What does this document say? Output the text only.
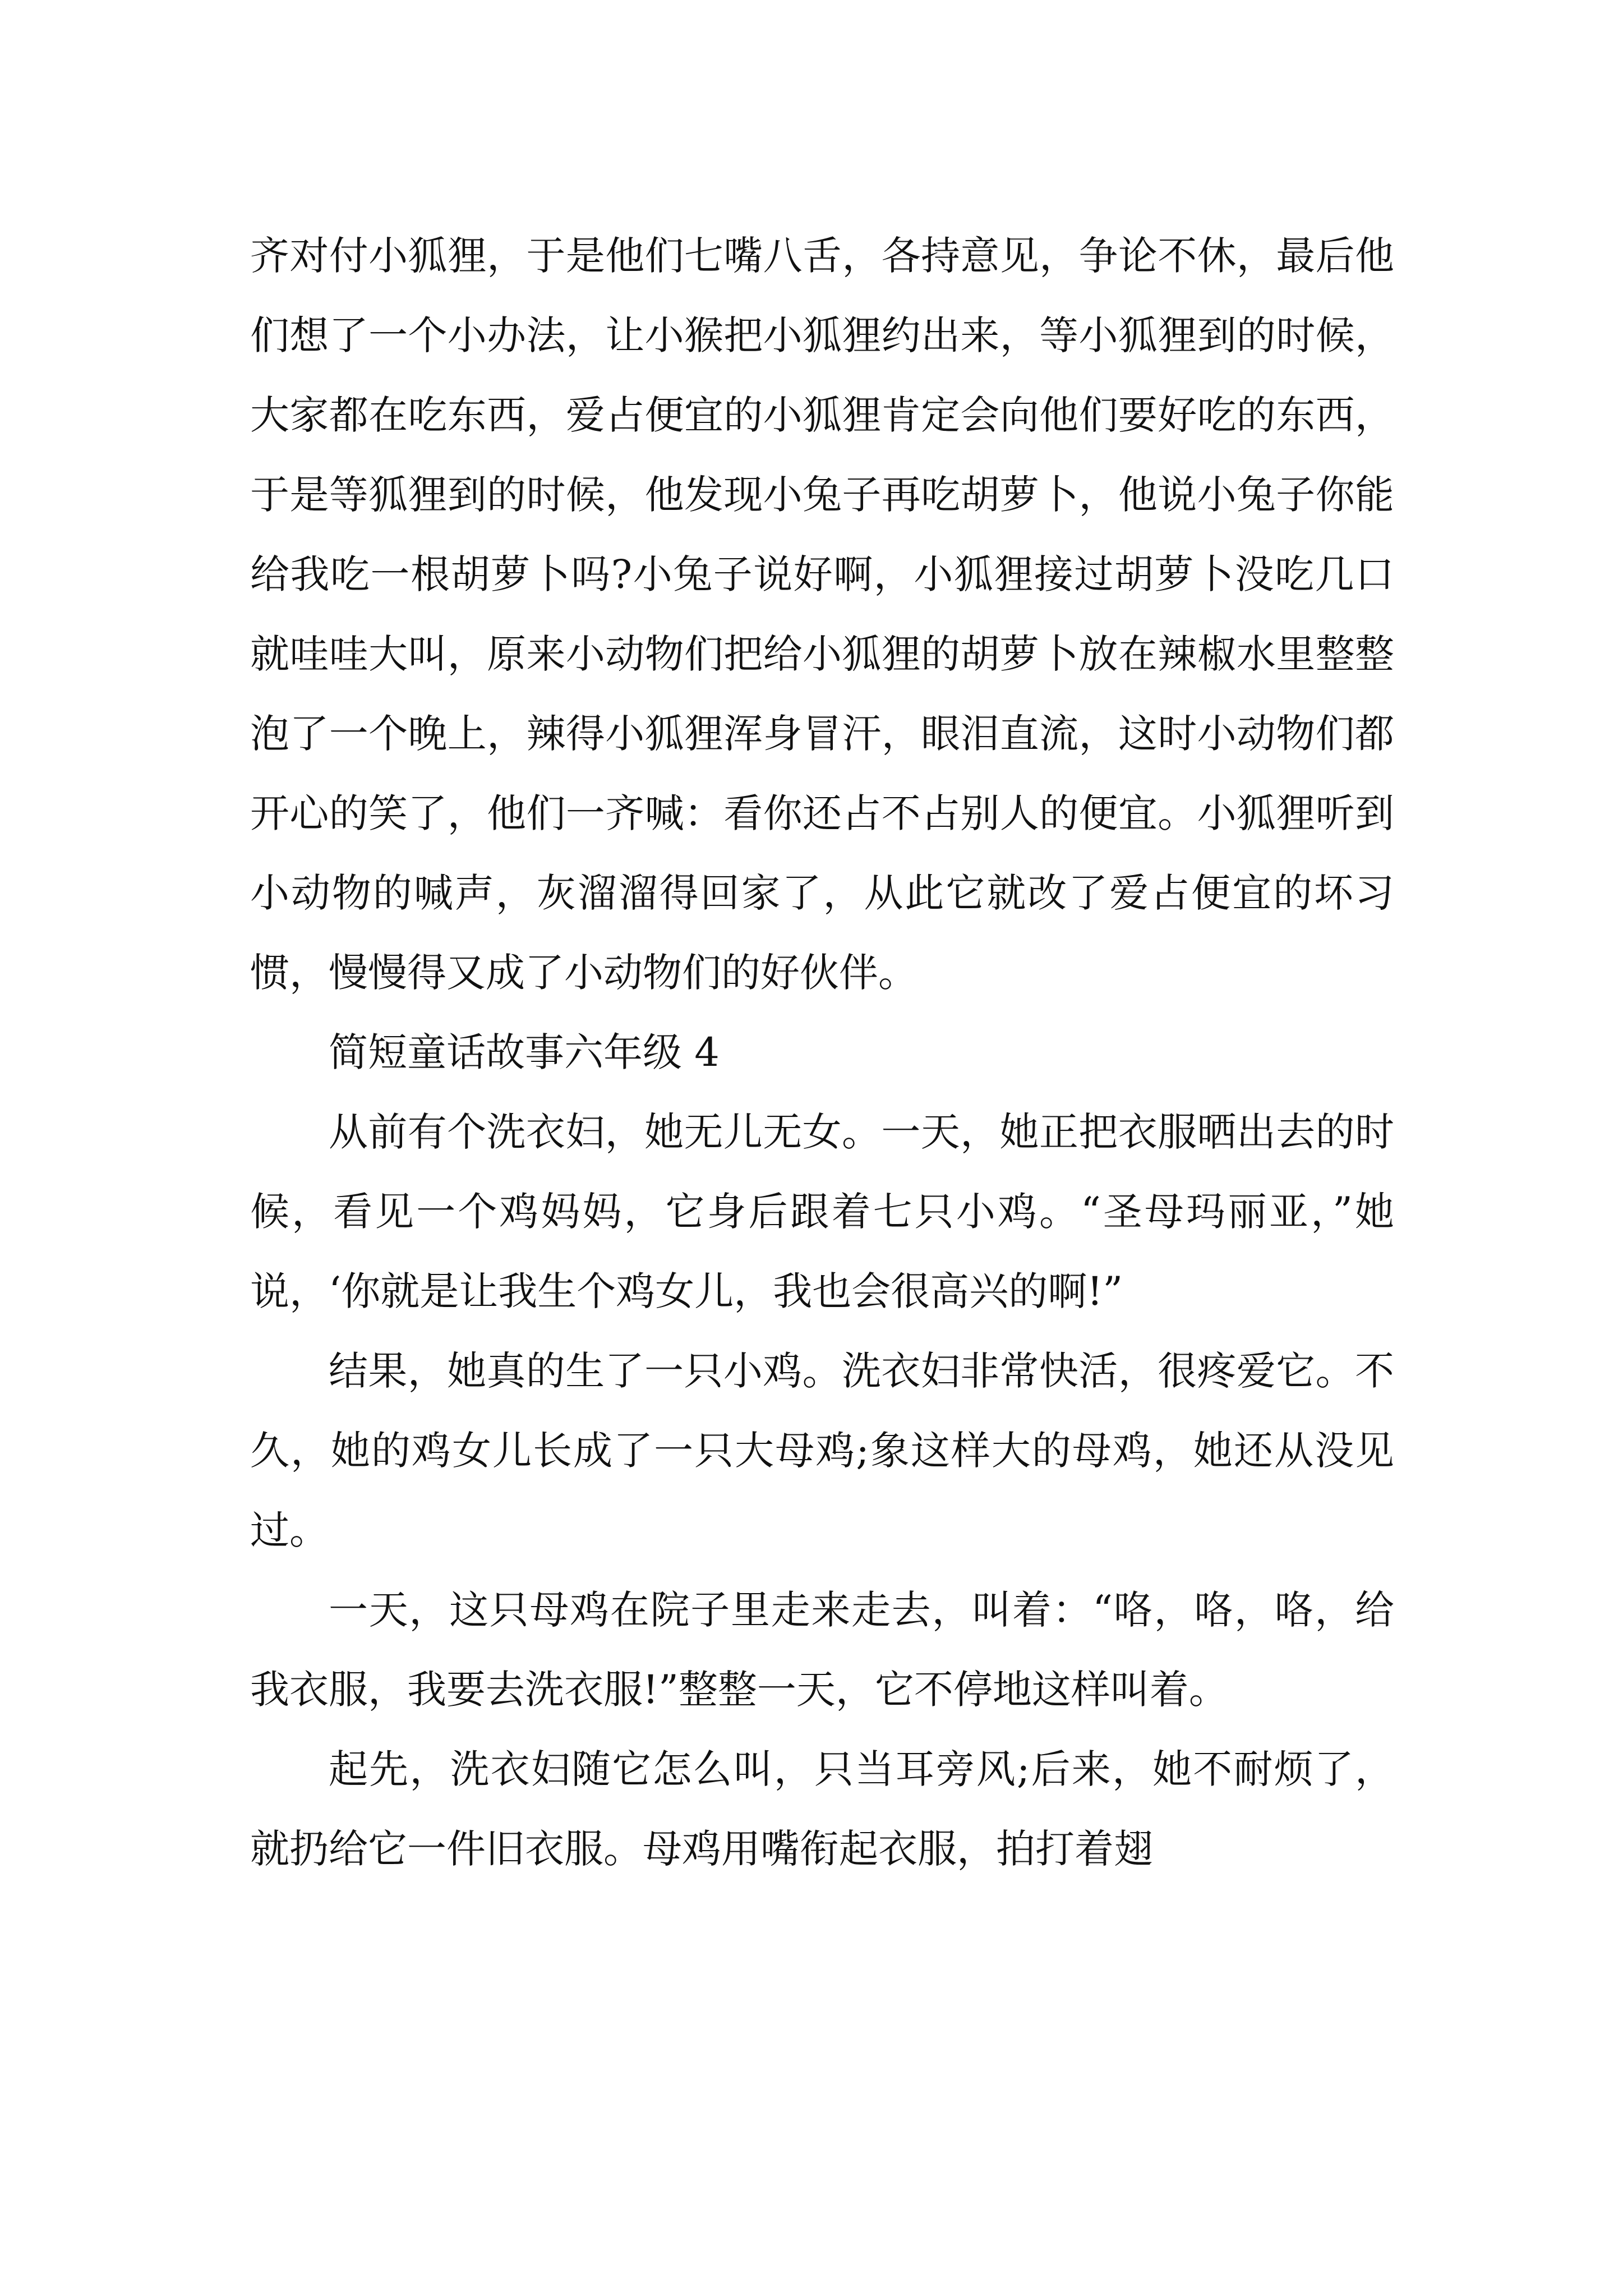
齐对付小狐狸，于是他们七嘴八舌，各持意见，争论不休，最后他们想了一个小办法，让小猴把小狐狸约出来，等小狐狸到的时候，大家都在吃东西，爱占便宜的小狐狸肯定会向他们要好吃的东西，于是等狐狸到的时候，他发现小兔子再吃胡萝卜，他说小兔子你能给我吃一根胡萝卜吗?小兔子说好啊，小狐狸接过胡萝卜没吃几口就哇哇大叫，原来小动物们把给小狐狸的胡萝卜放在辣椒水里整整泡了一个晚上，辣得小狐狸浑身冒汗，眼泪直流，这时小动物们都开心的笑了，他们一齐喊：看你还占不占别人的便宜。小狐狸听到小动物的喊声，灰溜溜得回家了，从此它就改了爱占便宜的坏习惯，慢慢得又成了小动物们的好伙伴。

简短童话故事六年级 4

从前有个洗衣妇，她无儿无女。一天，她正把衣服晒出去的时候，看见一个鸡妈妈，它身后跟着七只小鸡。“圣母玛丽亚，”她说，‘你就是让我生个鸡女儿，我也会很高兴的啊!”

结果，她真的生了一只小鸡。洗衣妇非常快活，很疼爱它。不久，她的鸡女儿长成了一只大母鸡;象这样大的母鸡，她还从没见过。

一天，这只母鸡在院子里走来走去，叫着：“咯，咯，咯，给我衣服，我要去洗衣服!”整整一天，它不停地这样叫着。

起先，洗衣妇随它怎么叫，只当耳旁风;后来，她不耐烦了，就扔给它一件旧衣服。母鸡用嘴衔起衣服，拍打着翅
